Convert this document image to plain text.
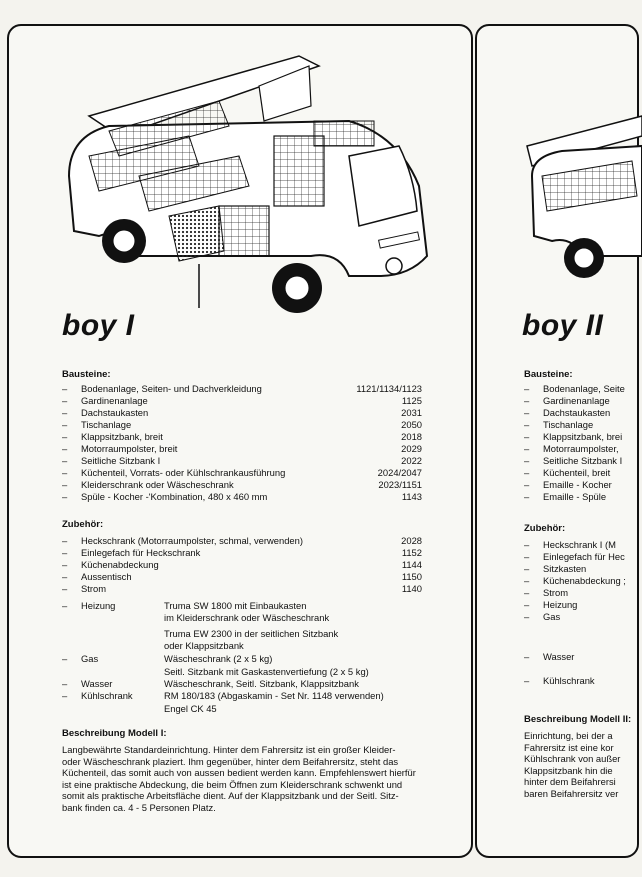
boy I
Bausteine:
– Bodenanlage, Seiten- und Dachverkleidung	1121/1134/1123
– Gardinenanlage	1125
– Dachstaukasten	2031
– Tischanlage	2050
– Klappsitzbank, breit	2018
– Motorraumpolster, breit	2029
– Seitliche Sitzbank I	2022
– Küchenteil, Vorrats- oder Kühlschrankausführung	2024/2047
– Kleiderschrank oder Wäscheschrank	2023/1151
– Spüle - Kocher -'Kombination, 480 x 460 mm	1143
Zubehör:
– Heckschrank (Motorraumpolster, schmal, verwenden)	2028
– Einlegefach für Heckschrank	1152
– Küchenabdeckung	1144
– Aussentisch	1150
– Strom	1140
– Heizung	Truma SW 1800 mit Einbaukasten
im Kleiderschrank oder Wäscheschrank
Truma EW 2300 in der seitlichen Sitzbank
oder Klappsitzbank
– Gas	Wäscheschrank (2 x 5 kg)
Seitl. Sitzbank mit Gaskastenvertiefung (2 x 5 kg)
– Wasser	Wäscheschrank, Seitl. Sitzbank, Klappsitzbank
– Kühlschrank	RM 180/183 (Abgaskamin - Set Nr. 1148 verwenden)
Engel CK 45
Beschreibung Modell I:
Langbewährte Standardeinrichtung. Hinter dem Fahrersitz ist ein großer Kleider-
oder Wäscheschrank plaziert. Ihm gegenüber, hinter dem Beifahrersitz, steht das
Küchenteil, das somit auch von aussen bedient werden kann. Empfehlenswert hierfür
ist eine praktische Abdeckung, die beim Öffnen zum Kleiderschrank schwenkt und
somit als praktische Arbeitsfläche dient. Auf der Klappsitzbank und der Seitl. Sitz-
bank finden ca. 4 - 5 Personen Platz.
boy II
Bausteine:
– Bodenanlage, Seite
– Gardinenanlage
– Dachstaukasten
– Tischanlage
– Klappsitzbank, brei
– Motorraumpolster,
– Seitliche Sitzbank I
– Küchenteil, breit
– Emaille - Kocher
– Emaille - Spüle
Zubehör:
– Heckschrank I (M
– Einlegefach für Hec
– Sitzkasten
– Küchenabdeckung ;
– Strom
– Heizung
– Gas
– Wasser
– Kühlschrank
Beschreibung Modell II:
Einrichtung, bei der a
Fahrersitz ist eine kor
Kühlschrank von außer
Klappsitzbank hin die
hinter dem Beifahrersi
baren Beifahrersitz ver
